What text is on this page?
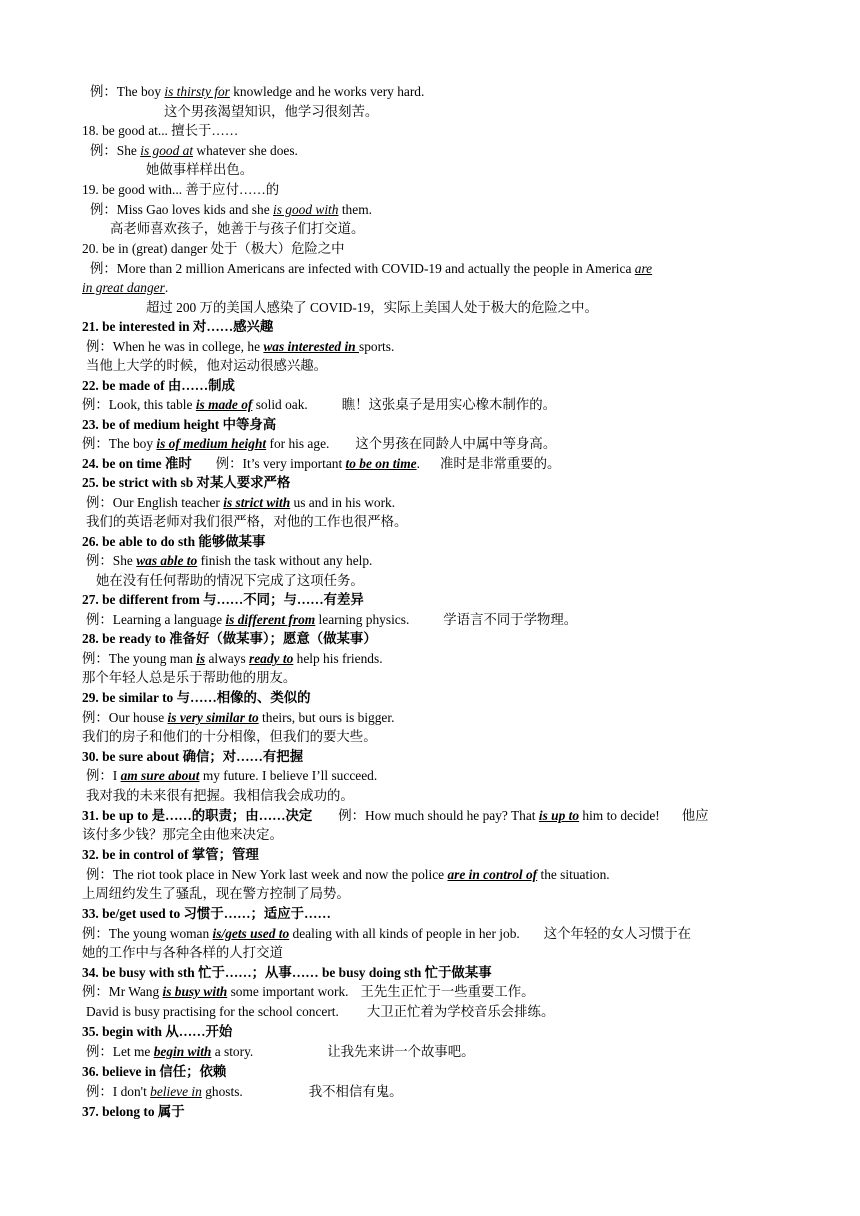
例：The boy is thirsty for knowledge and he works very hard.
这个男孩渴望知识，他学习很刻苦。
18. be good at... 擅长于……
例：She is good at whatever she does.
她做事样样出色。
19. be good with... 善于应付……的
例：Miss Gao loves kids and she is good with them.
高老师喜欢孩子，她善于与孩子们打交道。
20. be in (great) danger 处于（极大）危险之中
例：More than 2 million Americans are infected with COVID-19 and actually the people in America are
in great danger.
超过 200 万的美国人感染了 COVID-19，实际上美国人处于极大的危险之中。
21. be interested in 对……感兴趣
例：When he was in college, he was interested in sports.
当他上大学的时候，他对运动很感兴趣。
22. be made of 由……制成
例：Look, this table is made of solid oak.	瞧！这张桌子是用实心橡木制作的。
23. be of medium height 中等身高
例：The boy is of medium height for his age. 这个男孩在同龄人中属中等身高。
24. be on time 准时 例：It’s very important to be on time. 准时是非常重要的。
25. be strict with sb 对某人要求严格
例：Our English teacher is strict with us and in his work.
我们的英语老师对我们很严格，对他的工作也很严格。
26. be able to do sth 能够做某事
例：She was able to finish the task without any help.
她在没有任何帮助的情况下完成了这项任务。
27. be different from 与……不同；与……有差异
例：Learning a language is different from learning physics.	学语言不同于学物理。
28. be ready to 准备好（做某事）；愿意（做某事）
例：The young man is always ready to help his friends.
那个年轻人总是乐于帮助他的朋友。
29. be similar to 与……相像的、类似的
例：Our house is very similar to theirs, but ours is bigger.
我们的房子和他们的十分相像，但我们的要大些。
30. be sure about 确信；对……有把握
例：I am sure about my future. I believe I’ll succeed.
我对我的未来很有把握。我相信我会成功的。
31. be up to 是……的职责；由……决定 例：How much should he pay? That is up to him to decide! 他应
该付多少钱？那完全由他来决定。
32. be in control of 掌管；管理
例：The riot took place in New York last week and now the police are in control of the situation.
上周纽约发生了骚乱，现在警方控制了局势。
33. be/get used to 习惯于……；适应于……
例：The young woman is/gets used to dealing with all kinds of people in her job. 这个年轻的女人习惯于在
她的工作中与各种各样的人打交道
34. be busy with sth 忙于……；从事…… be busy doing sth 忙于做某事
例：Mr Wang is busy with some important work. 王先生正忙于一些重要工作。
David is busy practising for the school concert. 大卫正忙着为学校音乐会排练。
35. begin with 从……开始
例：Let me begin with a story.	让我先来讲一个故事吧。
36. believe in 信任；依赖
例：I don't believe in ghosts.	我不相信有鬼。
37. belong to 属于
